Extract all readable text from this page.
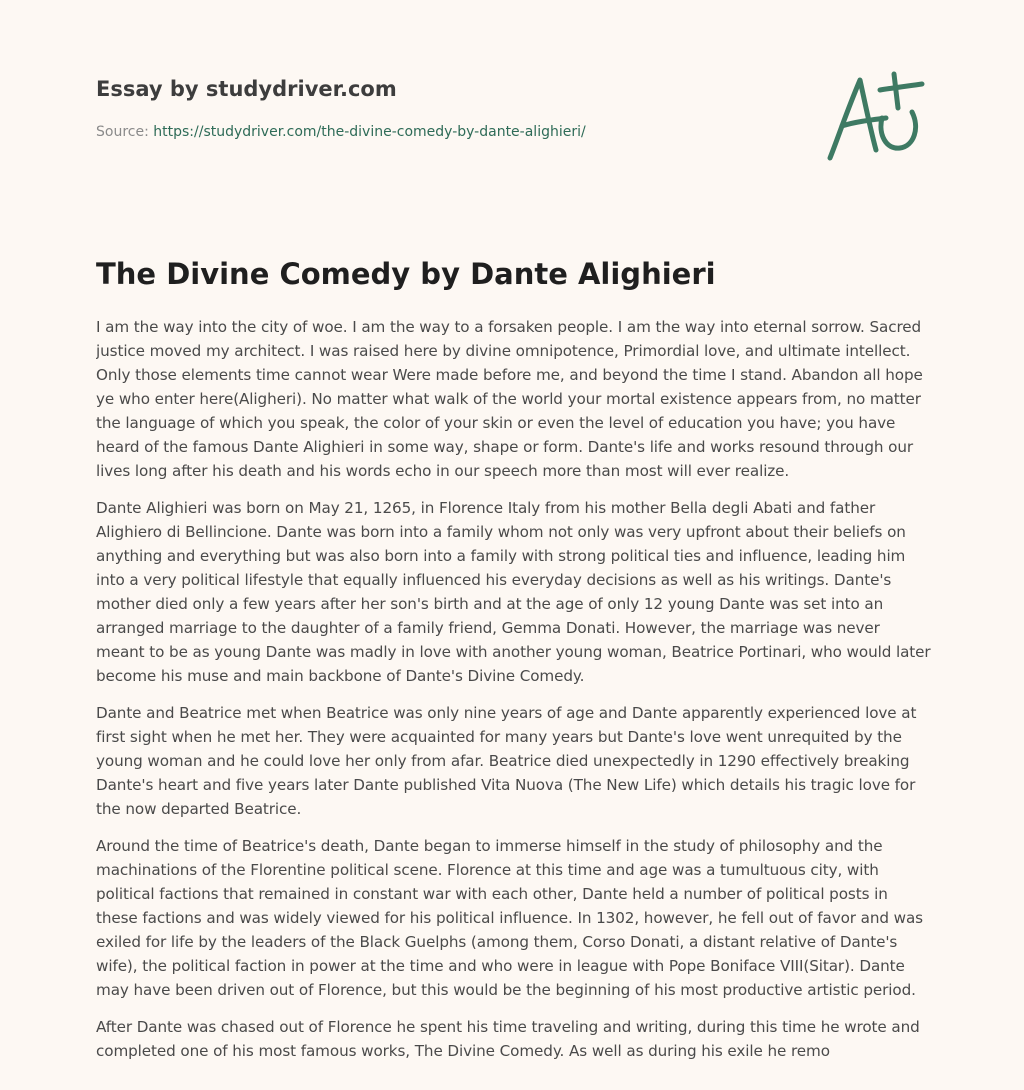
Essay by studydriver.com
Source: https://studydriver.com/the-divine-comedy-by-dante-alighieri/
The Divine Comedy by Dante Alighieri

I am the way into the city of woe. I am the way to a forsaken people. I am the way into eternal sorrow. Sacred justice moved my architect. I was raised here by divine omnipotence, Primordial love, and ultimate intellect. Only those elements time cannot wear Were made before me, and beyond the time I stand. Abandon all hope ye who enter here(Aligheri). No matter what walk of the world your mortal existence appears from, no matter the language of which you speak, the color of your skin or even the level of education you have; you have heard of the famous Dante Alighieri in some way, shape or form. Dante's life and works resound through our lives long after his death and his words echo in our speech more than most will ever realize.

Dante Alighieri was born on May 21, 1265, in Florence Italy from his mother Bella degli Abati and father Alighiero di Bellincione. Dante was born into a family whom not only was very upfront about their beliefs on anything and everything but was also born into a family with strong political ties and influence, leading him into a very political lifestyle that equally influenced his everyday decisions as well as his writings. Dante's mother died only a few years after her son's birth and at the age of only 12 young Dante was set into an arranged marriage to the daughter of a family friend, Gemma Donati. However, the marriage was never meant to be as young Dante was madly in love with another young woman, Beatrice Portinari, who would later become his muse and main backbone of Dante's Divine Comedy.

Dante and Beatrice met when Beatrice was only nine years of age and Dante apparently experienced love at first sight when he met her. They were acquainted for many years but Dante's love went unrequited by the young woman and he could love her only from afar. Beatrice died unexpectedly in 1290 effectively breaking Dante's heart and five years later Dante published Vita Nuova (The New Life) which details his tragic love for the now departed Beatrice.

Around the time of Beatrice's death, Dante began to immerse himself in the study of philosophy and the machinations of the Florentine political scene. Florence at this time and age was a tumultuous city, with political factions that remained in constant war with each other, Dante held a number of political posts in these factions and was widely viewed for his political influence. In 1302, however, he fell out of favor and was exiled for life by the leaders of the Black Guelphs (among them, Corso Donati, a distant relative of Dante's wife), the political faction in power at the time and who were in league with Pope Boniface VIII(Sitar). Dante may have been driven out of Florence, but this would be the beginning of his most productive artistic period.

After Dante was chased out of Florence he spent his time traveling and writing, during this time he wrote and completed one of his most famous works, The Divine Comedy. As well as during his exile he remo
